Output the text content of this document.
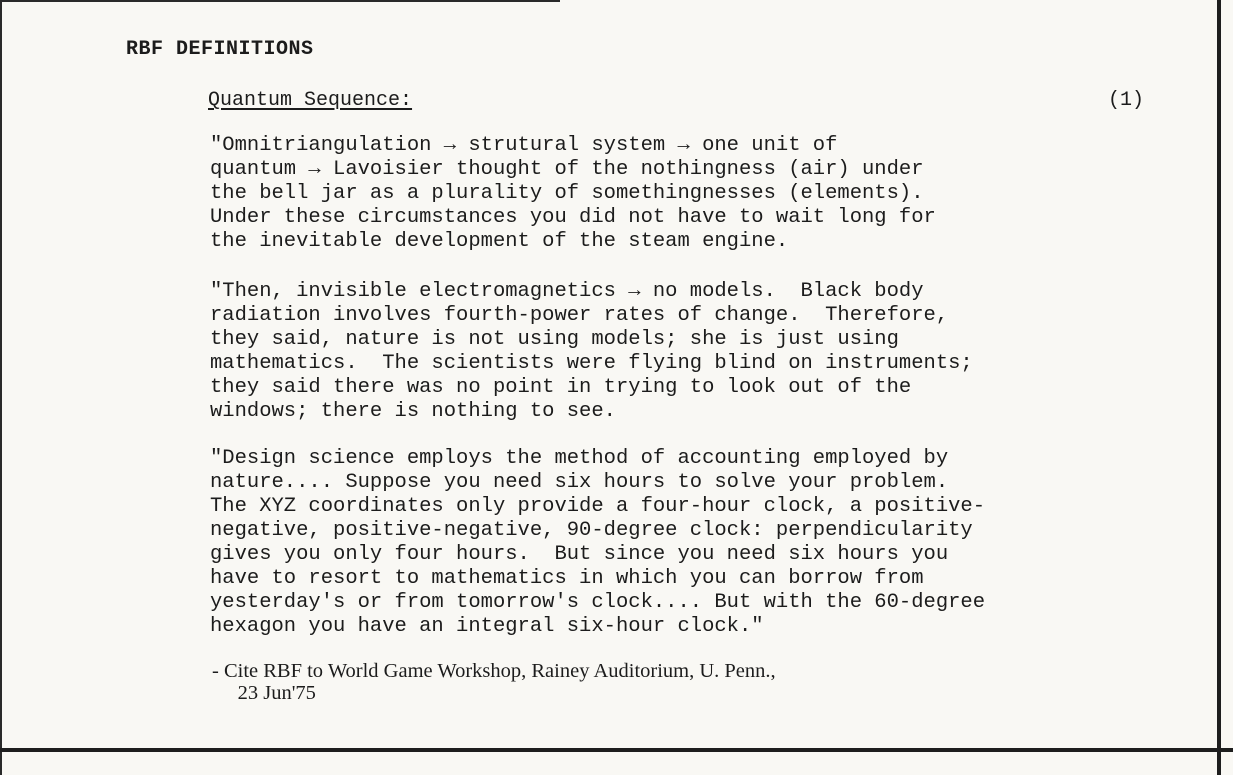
RBF DEFINITIONS
Quantum Sequence:	(1)

"Omnitriangulation → strutural system → one unit of
quantum → Lavoisier thought of the nothingness (air) under
the bell jar as a plurality of somethingnesses (elements).
Under these circumstances you did not have to wait long for
the inevitable development of the steam engine.

"Then, invisible electromagnetics → no models.  Black body
radiation involves fourth-power rates of change.  Therefore,
they said, nature is not using models; she is just using
mathematics.  The scientists were flying blind on instruments;
they said there was no point in trying to look out of the
windows; there is nothing to see.

"Design science employs the method of accounting employed by
nature.... Suppose you need six hours to solve your problem.
The XYZ coordinates only provide a four-hour clock, a positive-
negative, positive-negative, 90-degree clock: perpendicularity
gives you only four hours.  But since you need six hours you
have to resort to mathematics in which you can borrow from
yesterday's or from tomorrow's clock.... But with the 60-degree
hexagon you have an integral six-hour clock."

- Cite RBF to World Game Workshop, Rainey Auditorium, U. Penn.,
23 Jun'75
